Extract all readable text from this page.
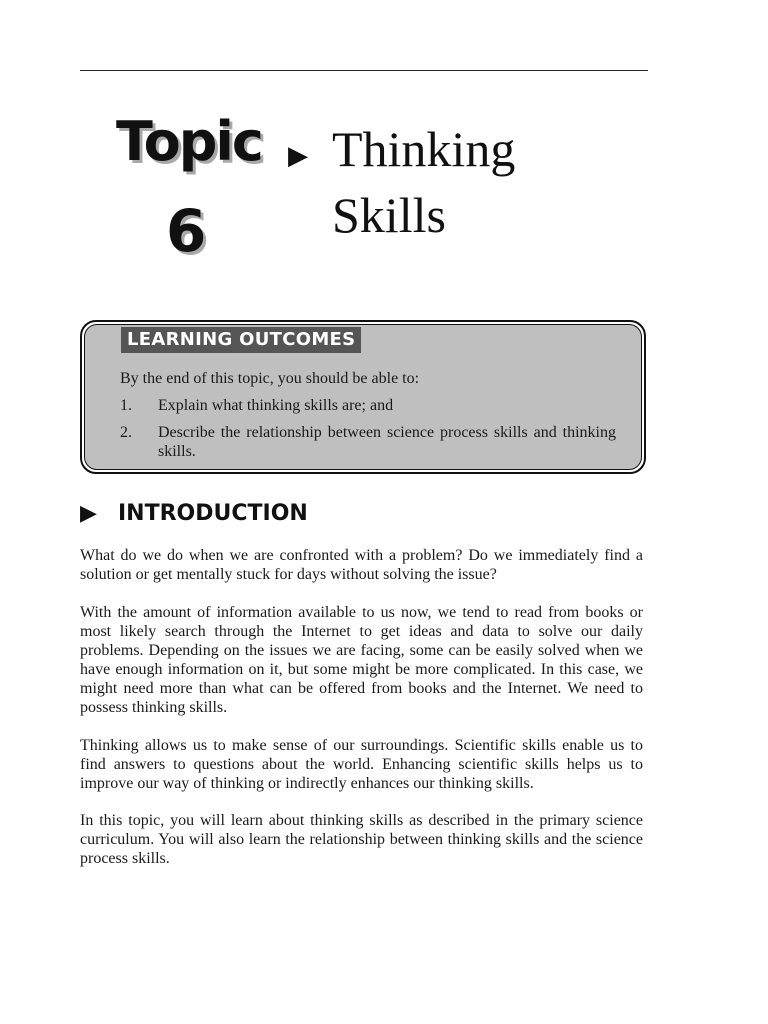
Topic
6
▶ Thinking
Skills
LEARNING OUTCOMES
By the end of this topic, you should be able to:
1.	Explain what thinking skills are; and
2.	Describe the relationship between science process skills and thinking skills.
▶ INTRODUCTION

What do we do when we are confronted with a problem? Do we immediately find a solution or get mentally stuck for days without solving the issue?

With the amount of information available to us now, we tend to read from books or most likely search through the Internet to get ideas and data to solve our daily problems. Depending on the issues we are facing, some can be easily solved when we have enough information on it, but some might be more complicated. In this case, we might need more than what can be offered from books and the Internet. We need to possess thinking skills.

Thinking allows us to make sense of our surroundings. Scientific skills enable us to find answers to questions about the world. Enhancing scientific skills helps us to improve our way of thinking or indirectly enhances our thinking skills.

In this topic, you will learn about thinking skills as described in the primary science curriculum. You will also learn the relationship between thinking skills and the science process skills.
